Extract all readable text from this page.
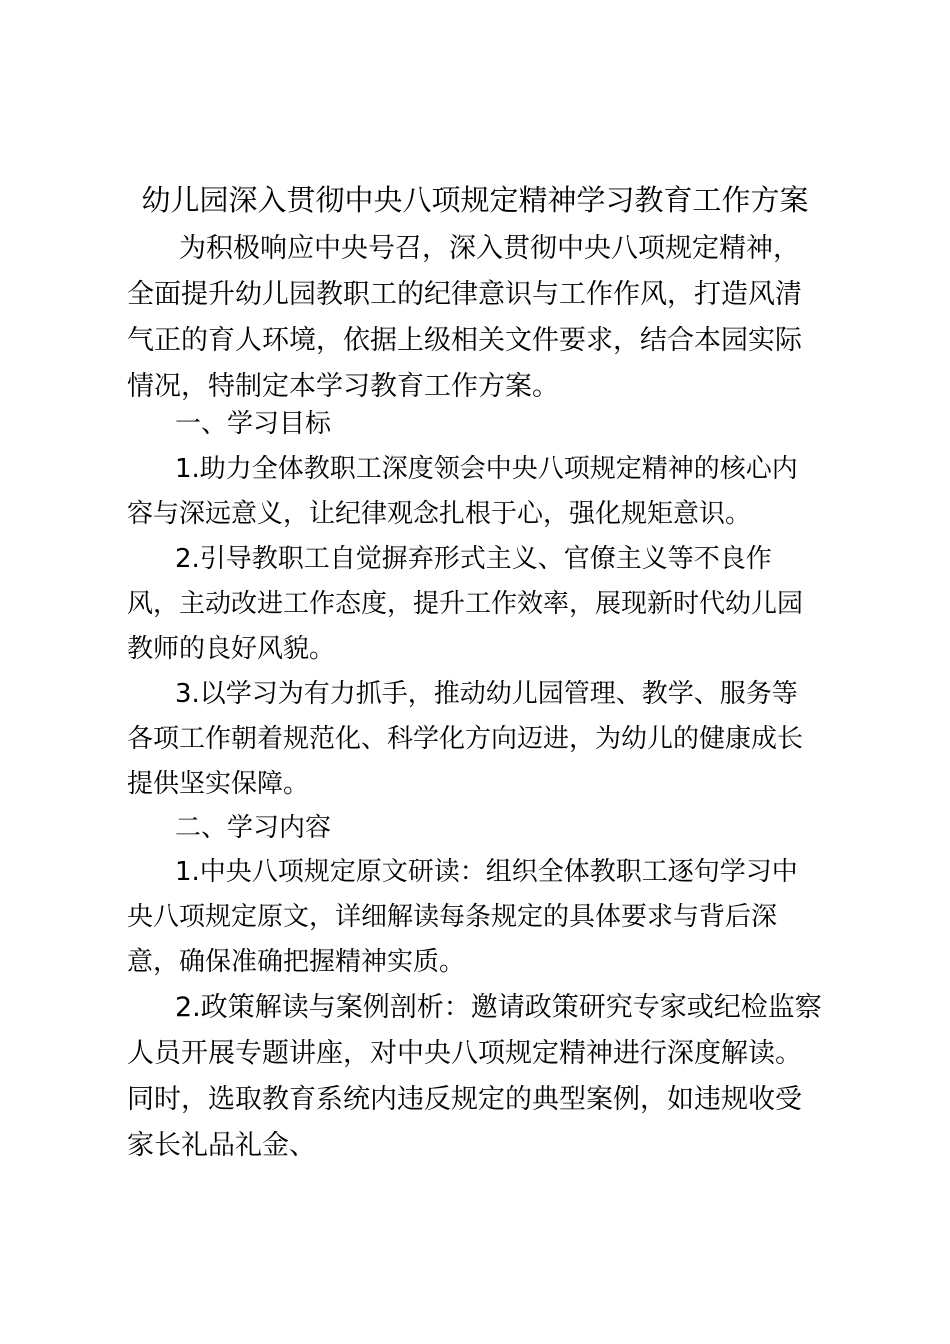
幼儿园深入贯彻中央八项规定精神学习教育工作方案

为积极响应中央号召，深入贯彻中央八项规定精神，全面提升幼儿园教职工的纪律意识与工作作风，打造风清气正的育人环境，依据上级相关文件要求，结合本园实际情况，特制定本学习教育工作方案。

一、学习目标

1.助力全体教职工深度领会中央八项规定精神的核心内容与深远意义，让纪律观念扎根于心，强化规矩意识。

2.引导教职工自觉摒弃形式主义、官僚主义等不良作风，主动改进工作态度，提升工作效率，展现新时代幼儿园教师的良好风貌。

3.以学习为有力抓手，推动幼儿园管理、教学、服务等各项工作朝着规范化、科学化方向迈进，为幼儿的健康成长提供坚实保障。

二、学习内容

1.中央八项规定原文研读：组织全体教职工逐句学习中央八项规定原文，详细解读每条规定的具体要求与背后深意，确保准确把握精神实质。

2.政策解读与案例剖析：邀请政策研究专家或纪检监察人员开展专题讲座，对中央八项规定精神进行深度解读。同时，选取教育系统内违反规定的典型案例，如违规收受家长礼品礼金、
